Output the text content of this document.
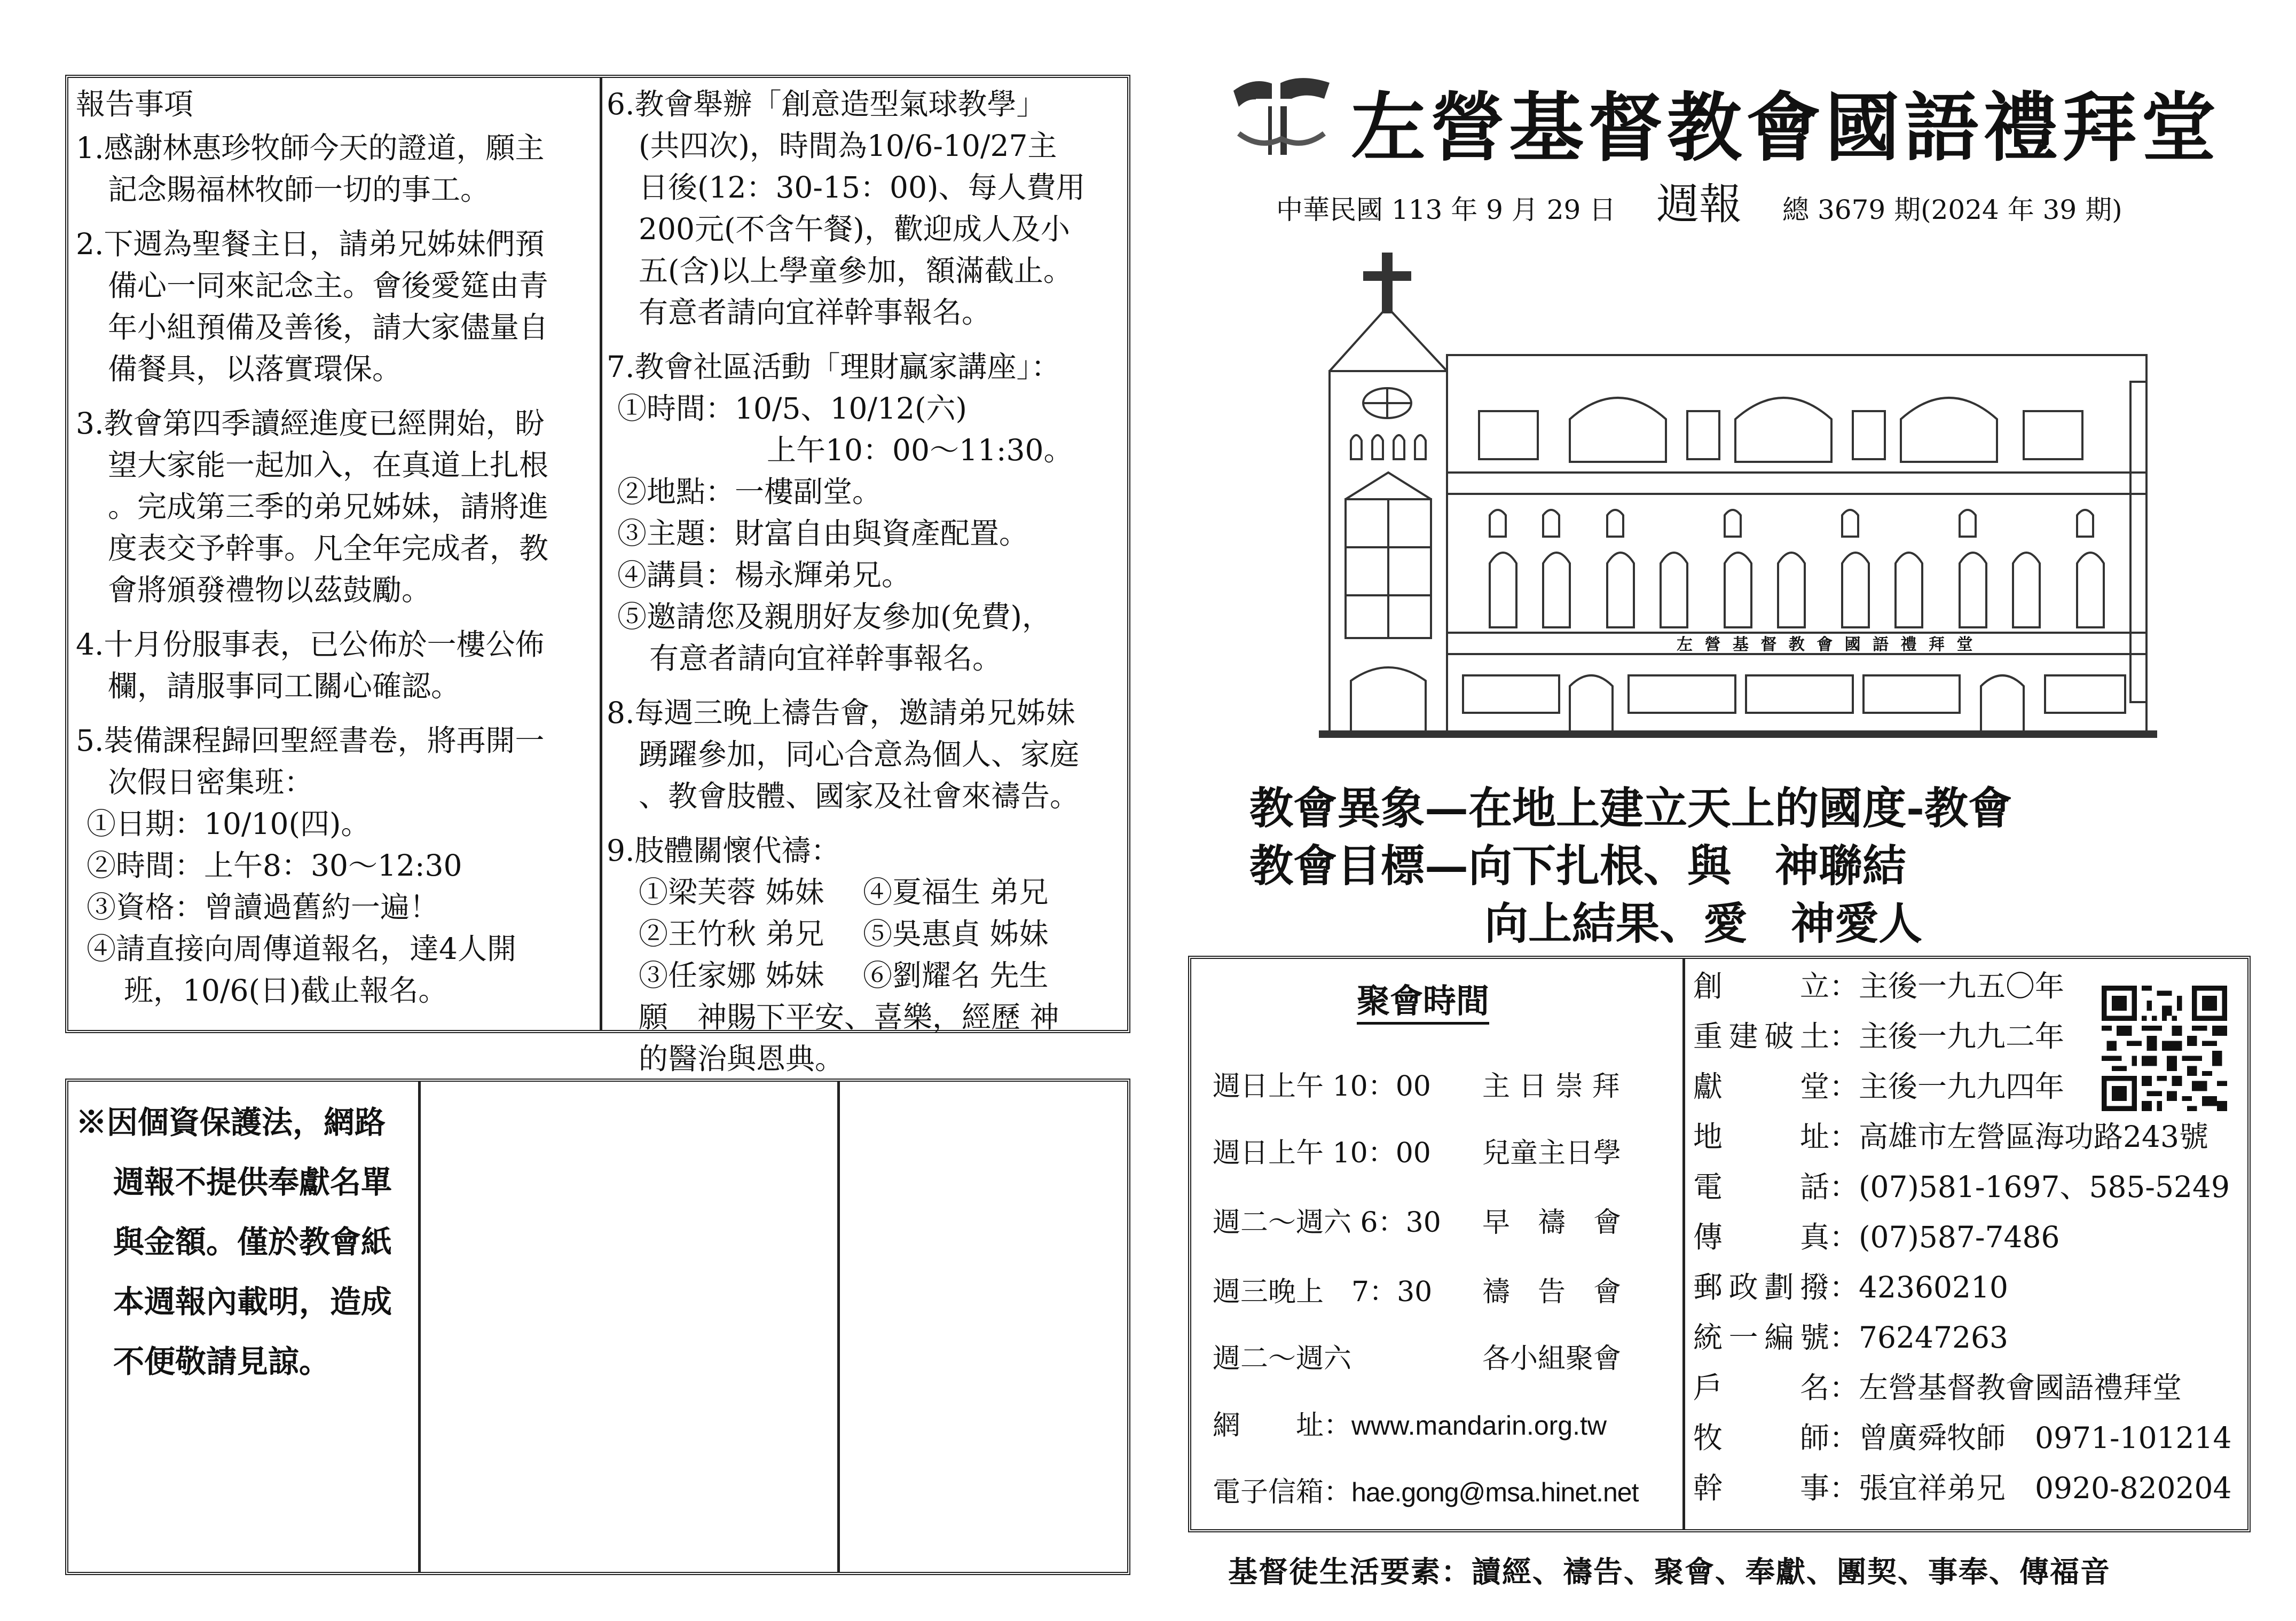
報告事項

1.感謝林惠珍牧師今天的證道，願主

記念賜福林牧師一切的事工。

2.下週為聖餐主日，請弟兄姊妹們預

備心一同來記念主。會後愛筵由青

年小組預備及善後，請大家儘量自

備餐具，以落實環保。

3.教會第四季讀經進度已經開始，盼

望大家能一起加入，在真道上扎根

。完成第三季的弟兄姊妹，請將進

度表交予幹事。凡全年完成者，教

會將頒發禮物以茲鼓勵。

4.十月份服事表，已公佈於一樓公佈

欄，請服事同工關心確認。

5.裝備課程歸回聖經書卷，將再開一

次假日密集班：

①日期：10/10(四)。

②時間：上午8：30～12:30

③資格：曾讀過舊約一遍！

④請直接向周傳道報名，達4人開

班，10/6(日)截止報名。

6.教會舉辦「創意造型氣球教學」

(共四次)，時間為10/6-10/27主

日後(12：30-15：00)、每人費用

200元(不含午餐)，歡迎成人及小

五(含)以上學童參加，額滿截止。

有意者請向宜祥幹事報名。

7.教會社區活動「理財贏家講座」：

①時間：10/5、10/12(六)

上午10：00～11:30。

②地點：一樓副堂。

③主題：財富自由與資產配置。

④講員：楊永輝弟兄。

⑤邀請您及親朋好友參加(免費)，

有意者請向宜祥幹事報名。

8.每週三晚上禱告會，邀請弟兄姊妹

踴躍參加，同心合意為個人、家庭

、教會肢體、國家及社會來禱告。

9.肢體關懷代禱：

①梁芙蓉 姊妹　 ④夏福生 弟兄

②王竹秋 弟兄　 ⑤吳惠貞 姊妹

③任家娜 姊妹　 ⑥劉耀名 先生

願　神賜下平安、喜樂，經歷 神

的醫治與恩典。

※因個資保護法，網路

週報不提供奉獻名單

與金額。僅於教會紙

本週報內載明，造成

不便敬請見諒。

左營基督教會國語禮拜堂
中華民國 113 年 9 月 29 日 週報 總 3679 期(2024 年 39 期)
左 營 基 督 教 會 國 語 禮 拜 堂
教會異象—在地上建立天上的國度-教會
教會目標—向下扎根、與　神聯結
向上結果、愛　神愛人
聚會時間
週日上午 10：00 主 日 崇 拜
週日上午 10：00 兒童主日學
週二～週六 6：30 早　禱　會
週三晚上　7：30 禱　告　會
週二～週六	各小組聚會
網　　址：www.mandarin.org.tw
電子信箱：hae.gong@msa.hinet.net
創立：主後一九五〇年
重建破土：主後一九九二年
獻堂：主後一九九四年
地址：高雄市左營區海功路243號
電話：(07)581-1697、585-5249
傳真：(07)587-7486
郵政劃撥：42360210
統一編號：76247263
戶名：左營基督教會國語禮拜堂
牧師：曾廣舜牧師　0971-101214
幹事：張宜祥弟兄　0920-820204
基督徒生活要素：讀經、禱告、聚會、奉獻、團契、事奉、傳福音
